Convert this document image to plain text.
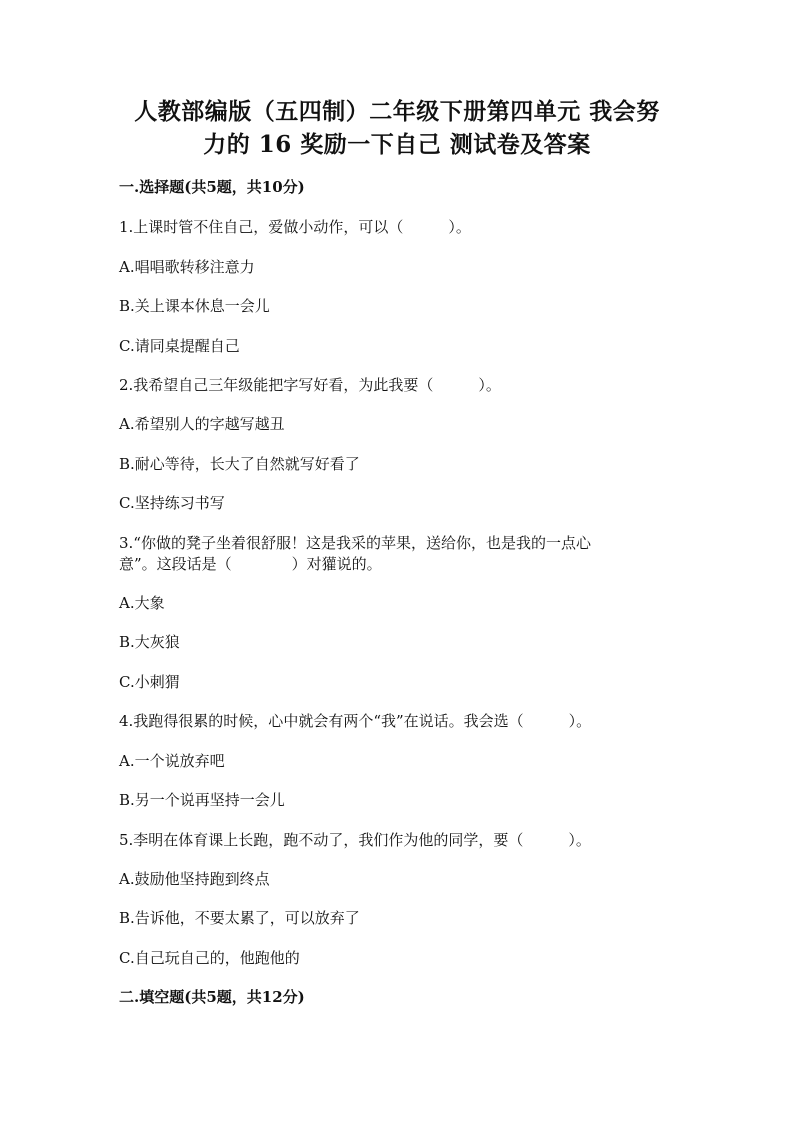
人教部编版（五四制）二年级下册第四单元 我会努
力的 16 奖励一下自己 测试卷及答案
一.选择题(共5题，共10分)
1.上课时管不住自己，爱做小动作，可以（　　　）。
A.唱唱歌转移注意力
B.关上课本休息一会儿
C.请同桌提醒自己
2.我希望自己三年级能把字写好看，为此我要（　　　）。
A.希望别人的字越写越丑
B.耐心等待，长大了自然就写好看了
C.坚持练习书写
3.“你做的凳子坐着很舒服！这是我采的苹果，送给你，也是我的一点心
意”。这段话是（　　　　）对獾说的。
A.大象
B.大灰狼
C.小刺猬
4.我跑得很累的时候，心中就会有两个“我”在说话。我会选（　　　）。
A.一个说放弃吧
B.另一个说再坚持一会儿
5.李明在体育课上长跑，跑不动了，我们作为他的同学，要（　　　）。
A.鼓励他坚持跑到终点
B.告诉他，不要太累了，可以放弃了
C.自己玩自己的，他跑他的
二.填空题(共5题，共12分)
